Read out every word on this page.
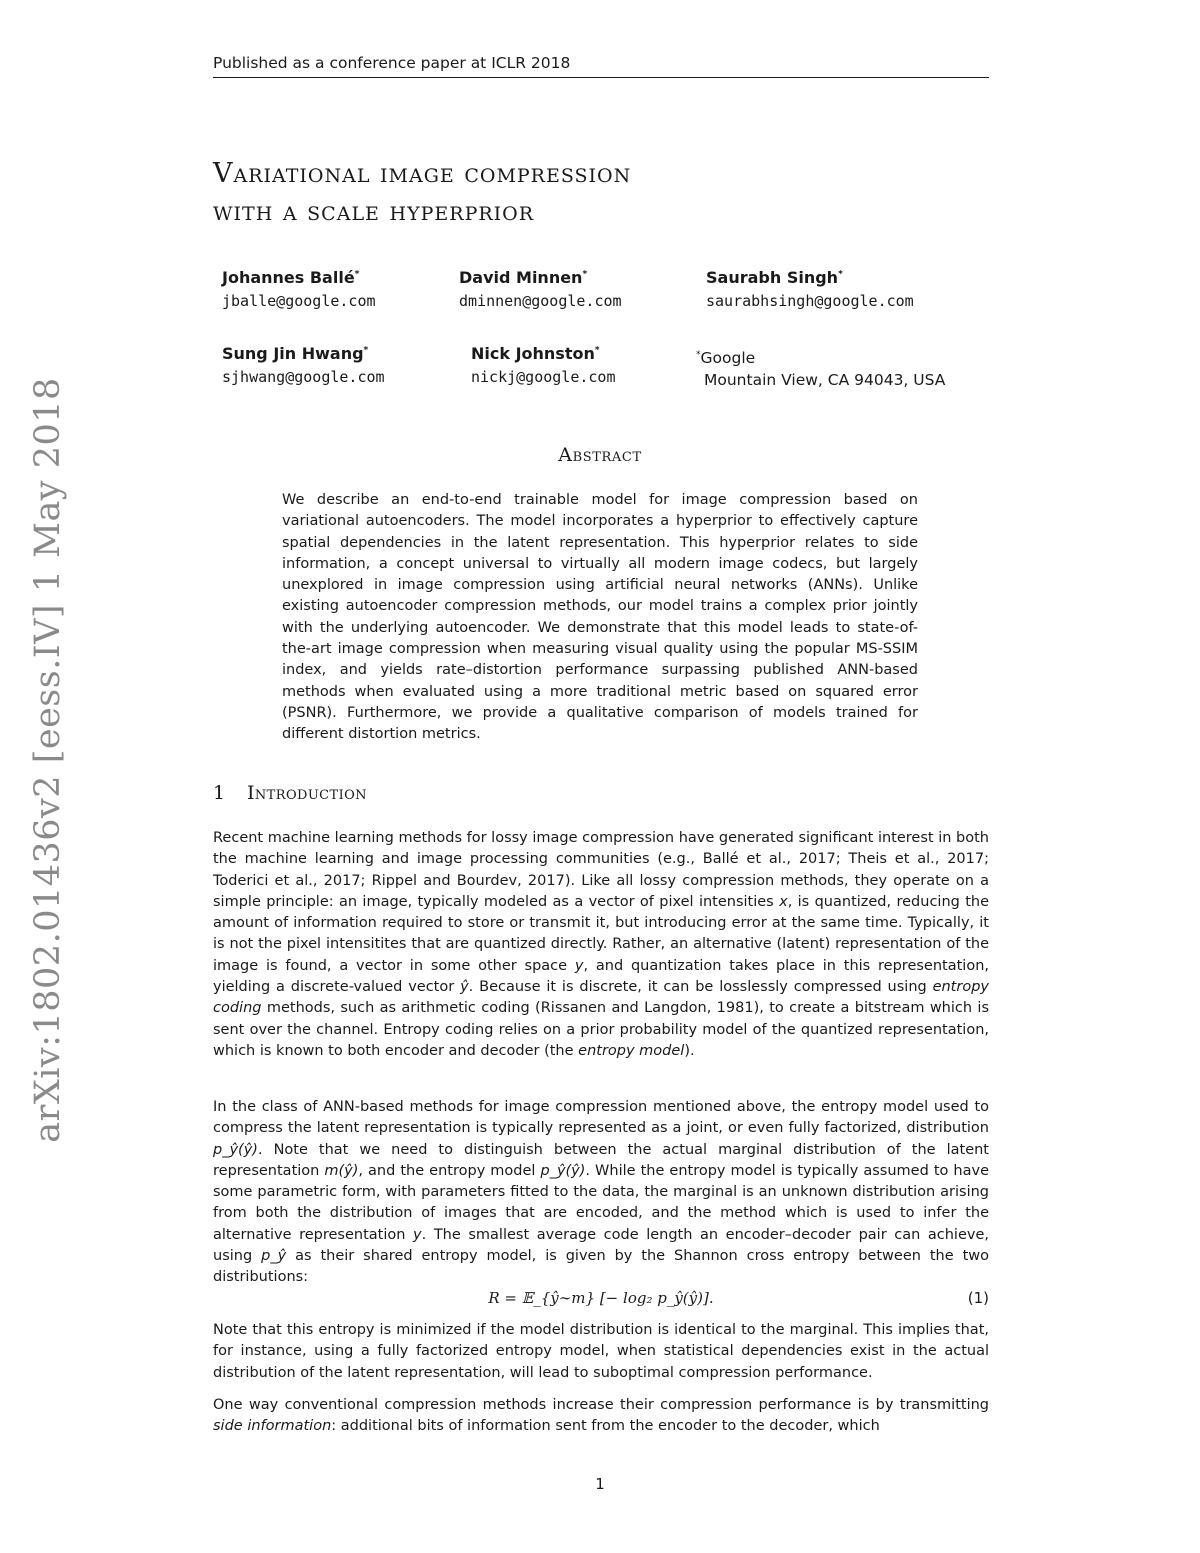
Published as a conference paper at ICLR 2018
arXiv:1802.01436v2 [eess.IV] 1 May 2018
Variational image compression
with a scale hyperprior
Johannes Ballé*
jballe@google.com
David Minnen*
dminnen@google.com
Saurabh Singh*
saurabhsingh@google.com
Sung Jin Hwang*
sjhwang@google.com
Nick Johnston*
nickj@google.com
*Google
Mountain View, CA 94043, USA
Abstract

We describe an end-to-end trainable model for image compression based on variational autoencoders. The model incorporates a hyperprior to effectively capture spatial dependencies in the latent representation. This hyperprior relates to side information, a concept universal to virtually all modern image codecs, but largely unexplored in image compression using artificial neural networks (ANNs). Unlike existing autoencoder compression methods, our model trains a complex prior jointly with the underlying autoencoder. We demonstrate that this model leads to state-of-the-art image compression when measuring visual quality using the popular MS-SSIM index, and yields rate–distortion performance surpassing published ANN-based methods when evaluated using a more traditional metric based on squared error (PSNR). Furthermore, we provide a qualitative comparison of models trained for different distortion metrics.

1 Introduction

Recent machine learning methods for lossy image compression have generated significant interest in both the machine learning and image processing communities (e.g., Ballé et al., 2017; Theis et al., 2017; Toderici et al., 2017; Rippel and Bourdev, 2017). Like all lossy compression methods, they operate on a simple principle: an image, typically modeled as a vector of pixel intensities x, is quantized, reducing the amount of information required to store or transmit it, but introducing error at the same time. Typically, it is not the pixel intensitites that are quantized directly. Rather, an alternative (latent) representation of the image is found, a vector in some other space y, and quantization takes place in this representation, yielding a discrete-valued vector ŷ. Because it is discrete, it can be losslessly compressed using entropy coding methods, such as arithmetic coding (Rissanen and Langdon, 1981), to create a bitstream which is sent over the channel. Entropy coding relies on a prior probability model of the quantized representation, which is known to both encoder and decoder (the entropy model).

In the class of ANN-based methods for image compression mentioned above, the entropy model used to compress the latent representation is typically represented as a joint, or even fully factorized, distribution p_ŷ(ŷ). Note that we need to distinguish between the actual marginal distribution of the latent representation m(ŷ), and the entropy model p_ŷ(ŷ). While the entropy model is typically assumed to have some parametric form, with parameters fitted to the data, the marginal is an unknown distribution arising from both the distribution of images that are encoded, and the method which is used to infer the alternative representation y. The smallest average code length an encoder–decoder pair can achieve, using p_ŷ as their shared entropy model, is given by the Shannon cross entropy between the two distributions:

R = 𝔼_{ŷ∼m} [− log₂ p_ŷ(ŷ)].	(1)

Note that this entropy is minimized if the model distribution is identical to the marginal. This implies that, for instance, using a fully factorized entropy model, when statistical dependencies exist in the actual distribution of the latent representation, will lead to suboptimal compression performance.

One way conventional compression methods increase their compression performance is by transmitting side information: additional bits of information sent from the encoder to the decoder, which

1
